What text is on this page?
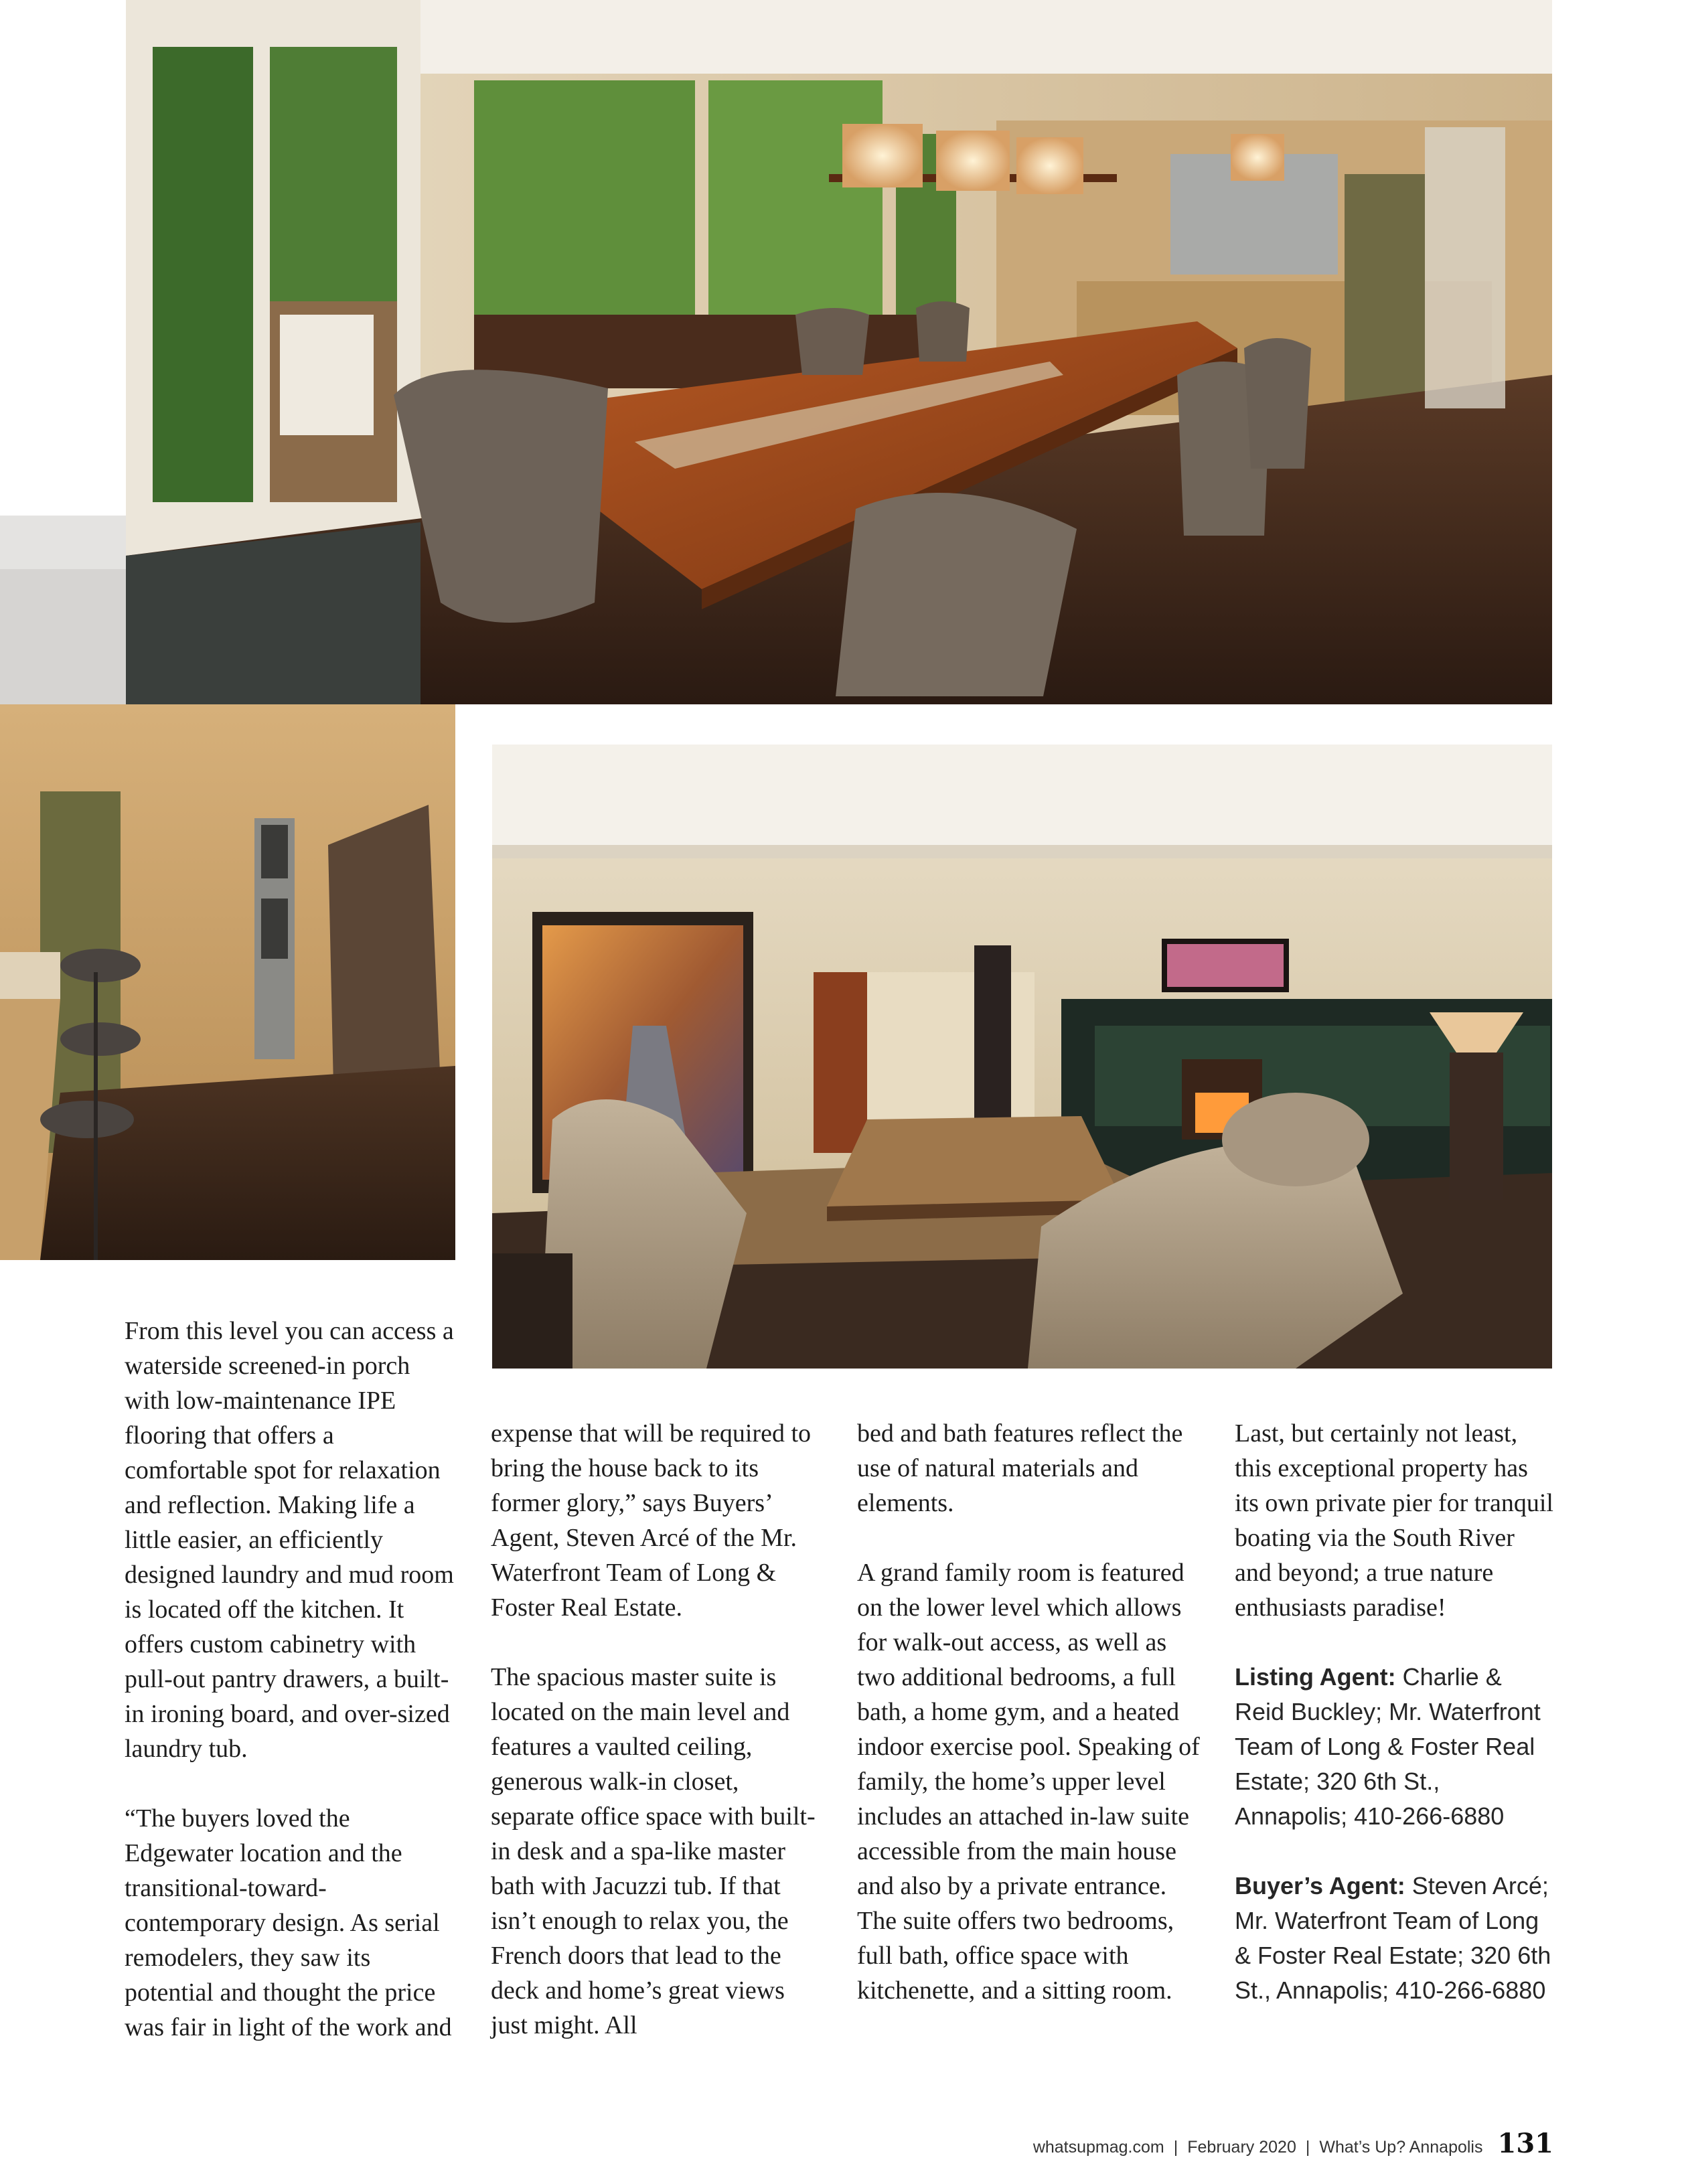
From this level you can access a waterside screened-in porch with low-maintenance IPE flooring that offers a comfortable spot for relaxation and reflection. Making life a little easier, an efficiently designed laundry and mud room is located off the kitchen. It offers custom cabinetry with pull-out pantry drawers, a built-in ironing board, and over-sized laundry tub.

“The buyers loved the Edgewater location and the transitional-toward-contemporary design. As serial remodelers, they saw its potential and thought the price was fair in light of the work and

expense that will be required to bring the house back to its former glory,” says Buyers’ Agent, Steven Arcé of the Mr. Waterfront Team of Long & Foster Real Estate.

The spacious master suite is located on the main level and features a vaulted ceiling, generous walk-in closet, separate office space with built-in desk and a spa-like master bath with Jacuzzi tub. If that isn’t enough to relax you, the French doors that lead to the deck and home’s great views just might. All

bed and bath features reflect the use of natural materials and elements.

A grand family room is featured on the lower level which allows for walk-out access, as well as two additional bedrooms, a full bath, a home gym, and a heated indoor exercise pool. Speaking of family, the home’s upper level includes an attached in-law suite accessible from the main house and also by a private entrance. The suite offers two bedrooms, full bath, office space with kitchenette, and a sitting room.

Last, but certainly not least, this exceptional property has its own private pier for tranquil boating via the South River and beyond; a true nature enthusiasts paradise!

Listing Agent: Charlie & Reid Buckley; Mr. Waterfront Team of Long & Foster Real Estate; 320 6th St., Annapolis; 410-266-6880
Buyer’s Agent: Steven Arcé; Mr. Waterfront Team of Long & Foster Real Estate; 320 6th St., Annapolis; 410-266-6880
whatsupmag.com | February 2020 | What’s Up? Annapolis 131
